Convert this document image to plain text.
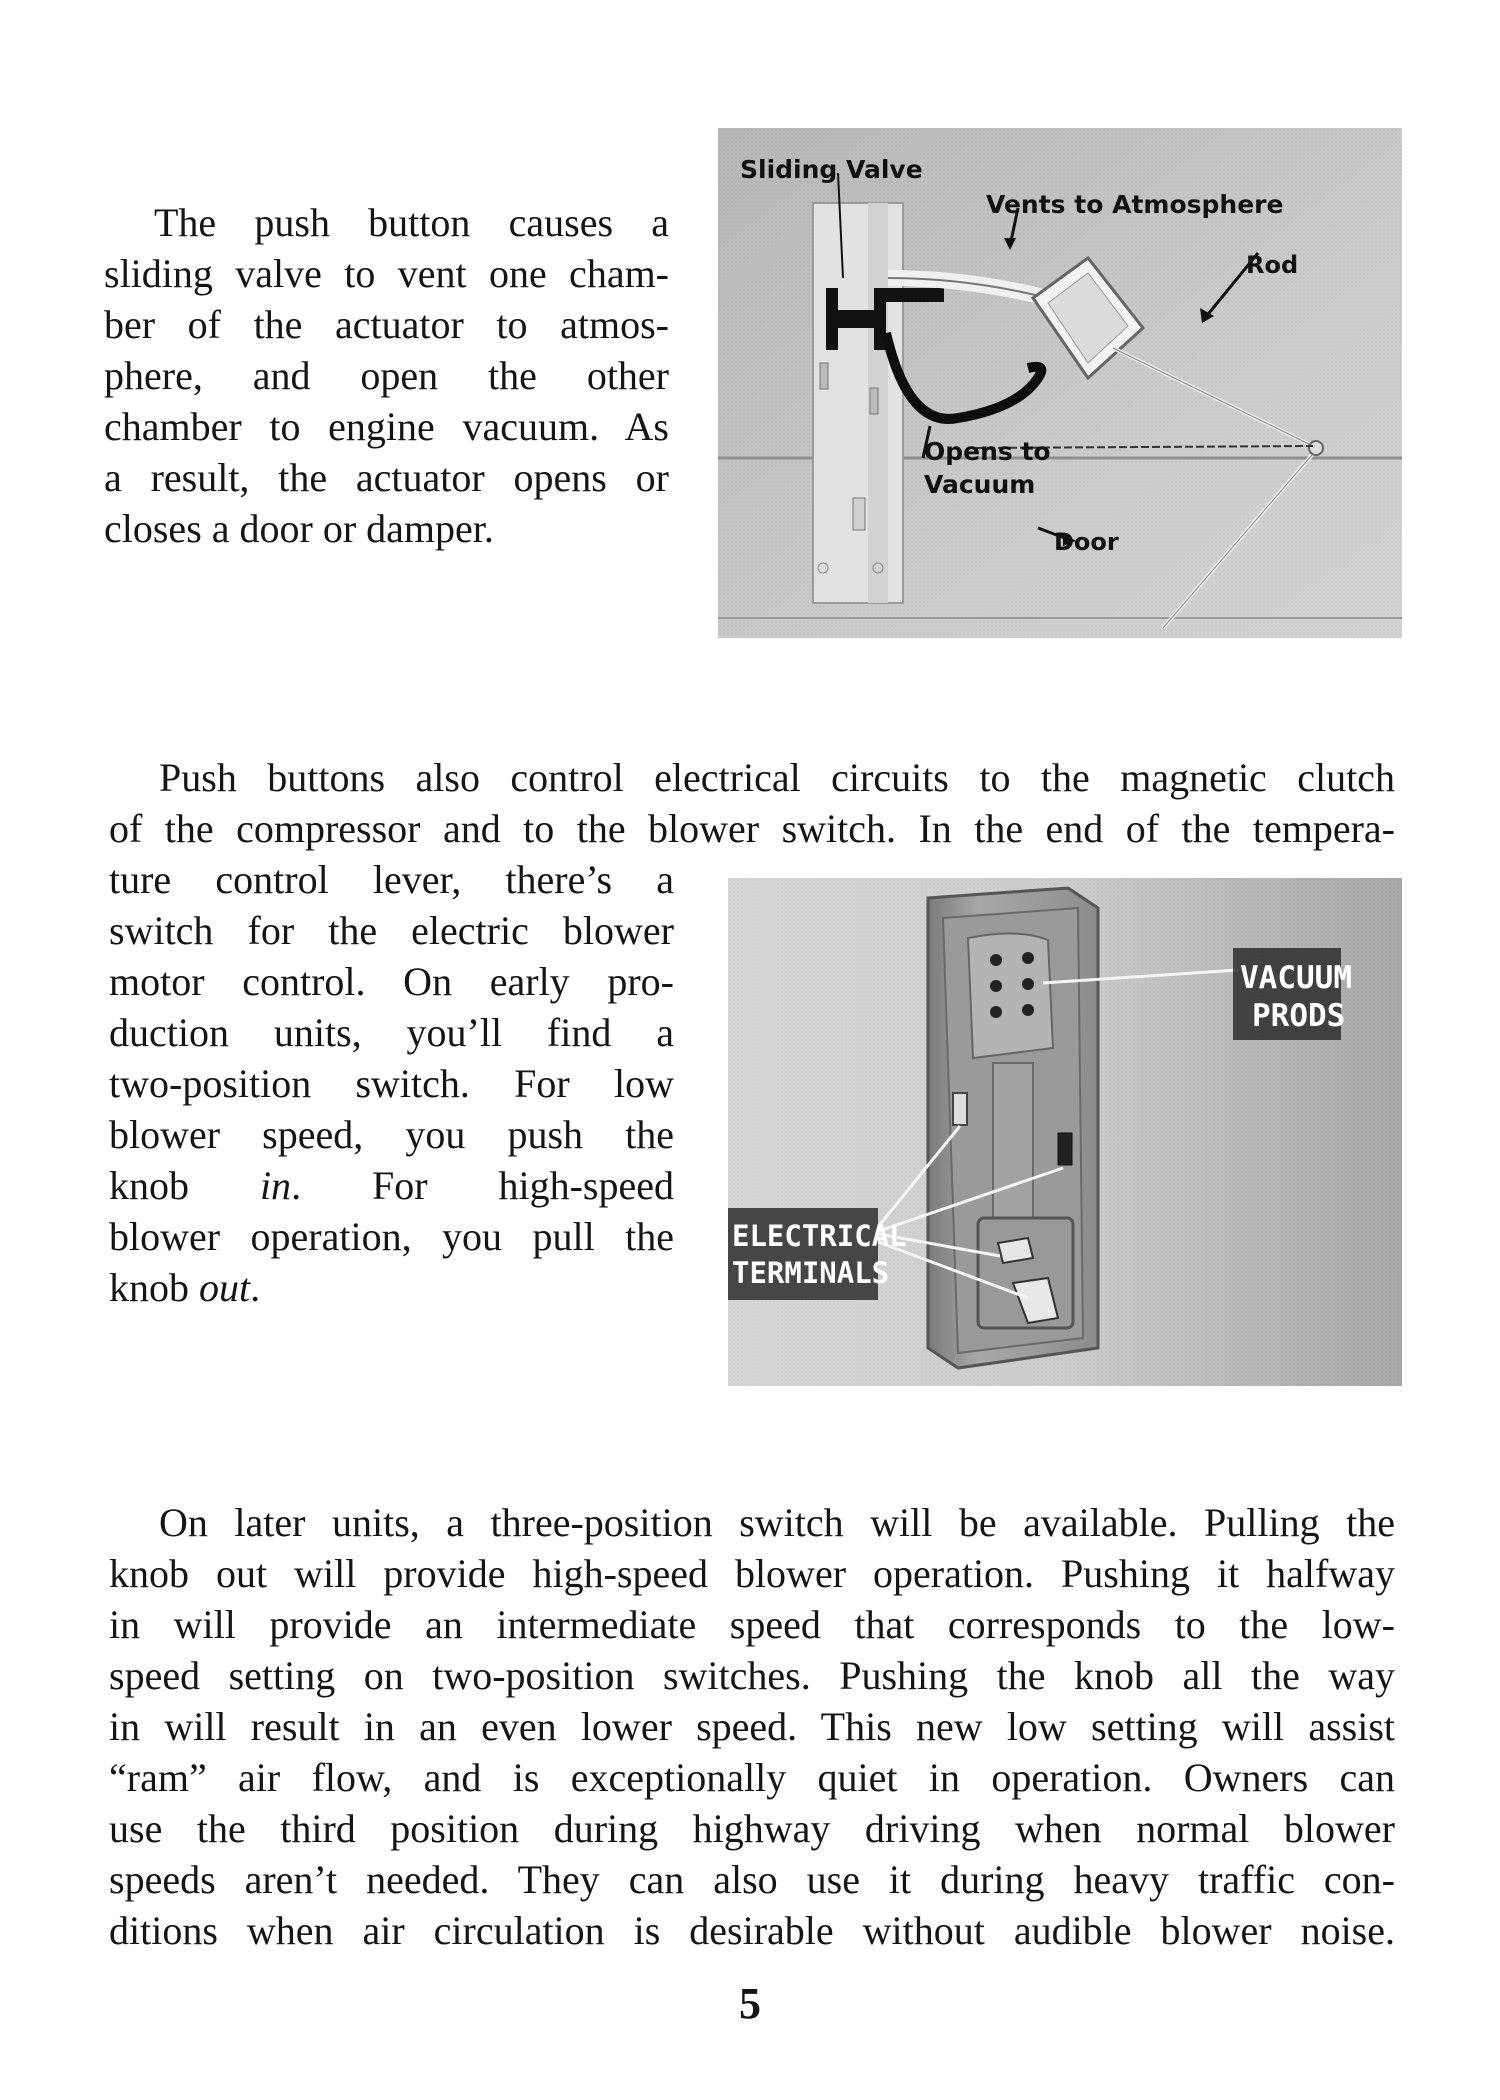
The push button causes a
sliding valve to vent one cham-
ber of the actuator to atmos-
phere, and open the other
chamber to engine vacuum. As
a result, the actuator opens or
closes a door or damper.
Sliding Valve
Vents to Atmosphere
Rod
Opens to
Vacuum
Door
Push buttons also control electrical circuits to the magnetic clutch
of the compressor and to the blower switch. In the end of the tempera-
ture control lever, there’s a
switch for the electric blower
motor control. On early pro-
duction units, you’ll find a
two-position switch. For low
blower speed, you push the
knob in. For high-speed
blower operation, you pull the
knob out.
VACUUM
PRODS
ELECTRICAL
TERMINALS
On later units, a three-position switch will be available. Pulling the
knob out will provide high-speed blower operation. Pushing it halfway
in will provide an intermediate speed that corresponds to the low-
speed setting on two-position switches. Pushing the knob all the way
in will result in an even lower speed. This new low setting will assist
“ram” air flow, and is exceptionally quiet in operation. Owners can
use the third position during highway driving when normal blower
speeds aren’t needed. They can also use it during heavy traffic con-
ditions when air circulation is desirable without audible blower noise.
5
